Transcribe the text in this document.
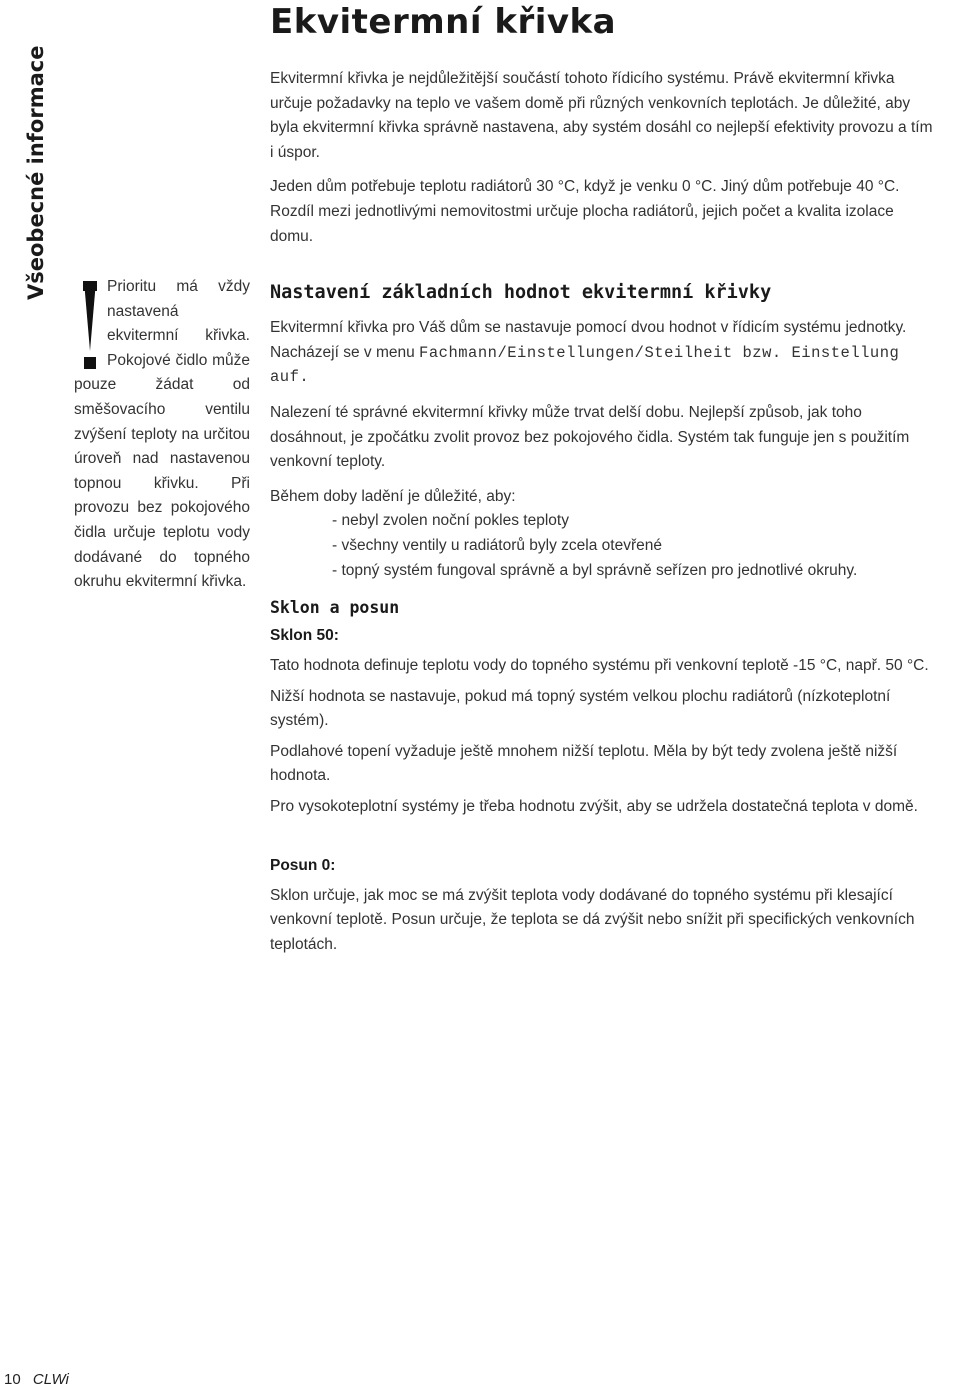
Všeobecné informace	Prioritu má vždy nastavená ekvitermní křivka. Pokojové čidlo může pouze žádat od směšovacího ventilu zvýšení teploty na určitou úroveň nad nastavenou topnou křivku. Při provozu bez pokojového čidla určuje teplotu vody dodávané do topného okruhu ekvitermní křivka.
Ekvitermní křivka

Ekvitermní křivka je nejdůležitější součástí tohoto řídicího systému. Právě ekvitermní křivka určuje požadavky na teplo ve vašem domě při různých venkovních teplotách. Je důležité, aby byla ekvitermní křivka správně nastavena, aby systém dosáhl co nejlepší efektivity provozu a tím i úspor.

Jeden dům potřebuje teplotu radiátorů 30 °C, když je venku 0 °C. Jiný dům potřebuje 40 °C. Rozdíl mezi jednotlivými nemovitostmi určuje plocha radiátorů, jejich počet a kvalita izolace domu.

Nastavení základních hodnot ekvitermní křivky

Ekvitermní křivka pro Váš dům se nastavuje pomocí dvou hodnot v řídicím systému jednotky. Nacházejí se v menu Fachmann/Einstellungen/Steilheit bzw. Einstellung auf.

Nalezení té správné ekvitermní křivky může trvat delší dobu. Nejlepší způsob, jak toho dosáhnout, je zpočátku zvolit provoz bez pokojového čidla. Systém tak funguje jen s použitím venkovní teploty.

Během doby ladění je důležité, aby:

- nebyl zvolen noční pokles teploty
- všechny ventily u radiátorů byly zcela otevřené
- topný systém fungoval správně a byl správně seřízen pro jednotlivé okruhy.
Sklon a posun
Sklon 50:

Tato hodnota definuje teplotu vody do topného systému při venkovní teplotě -15 °C, např. 50 °C.

Nižší hodnota se nastavuje, pokud má topný systém velkou plochu radiátorů (nízkoteplotní systém).

Podlahové topení vyžaduje ještě mnohem nižší teplotu. Měla by být tedy zvolena ještě nižší hodnota.

Pro vysokoteplotní systémy je třeba hodnotu zvýšit, aby se udržela dostatečná teplota v domě.

Posun 0:

Sklon určuje, jak moc se má zvýšit teplota vody dodávané do topného systému při klesající venkovní teplotě. Posun určuje, že teplota se dá zvýšit nebo snížit při specifických venkovních teplotách.

10 CLWi
